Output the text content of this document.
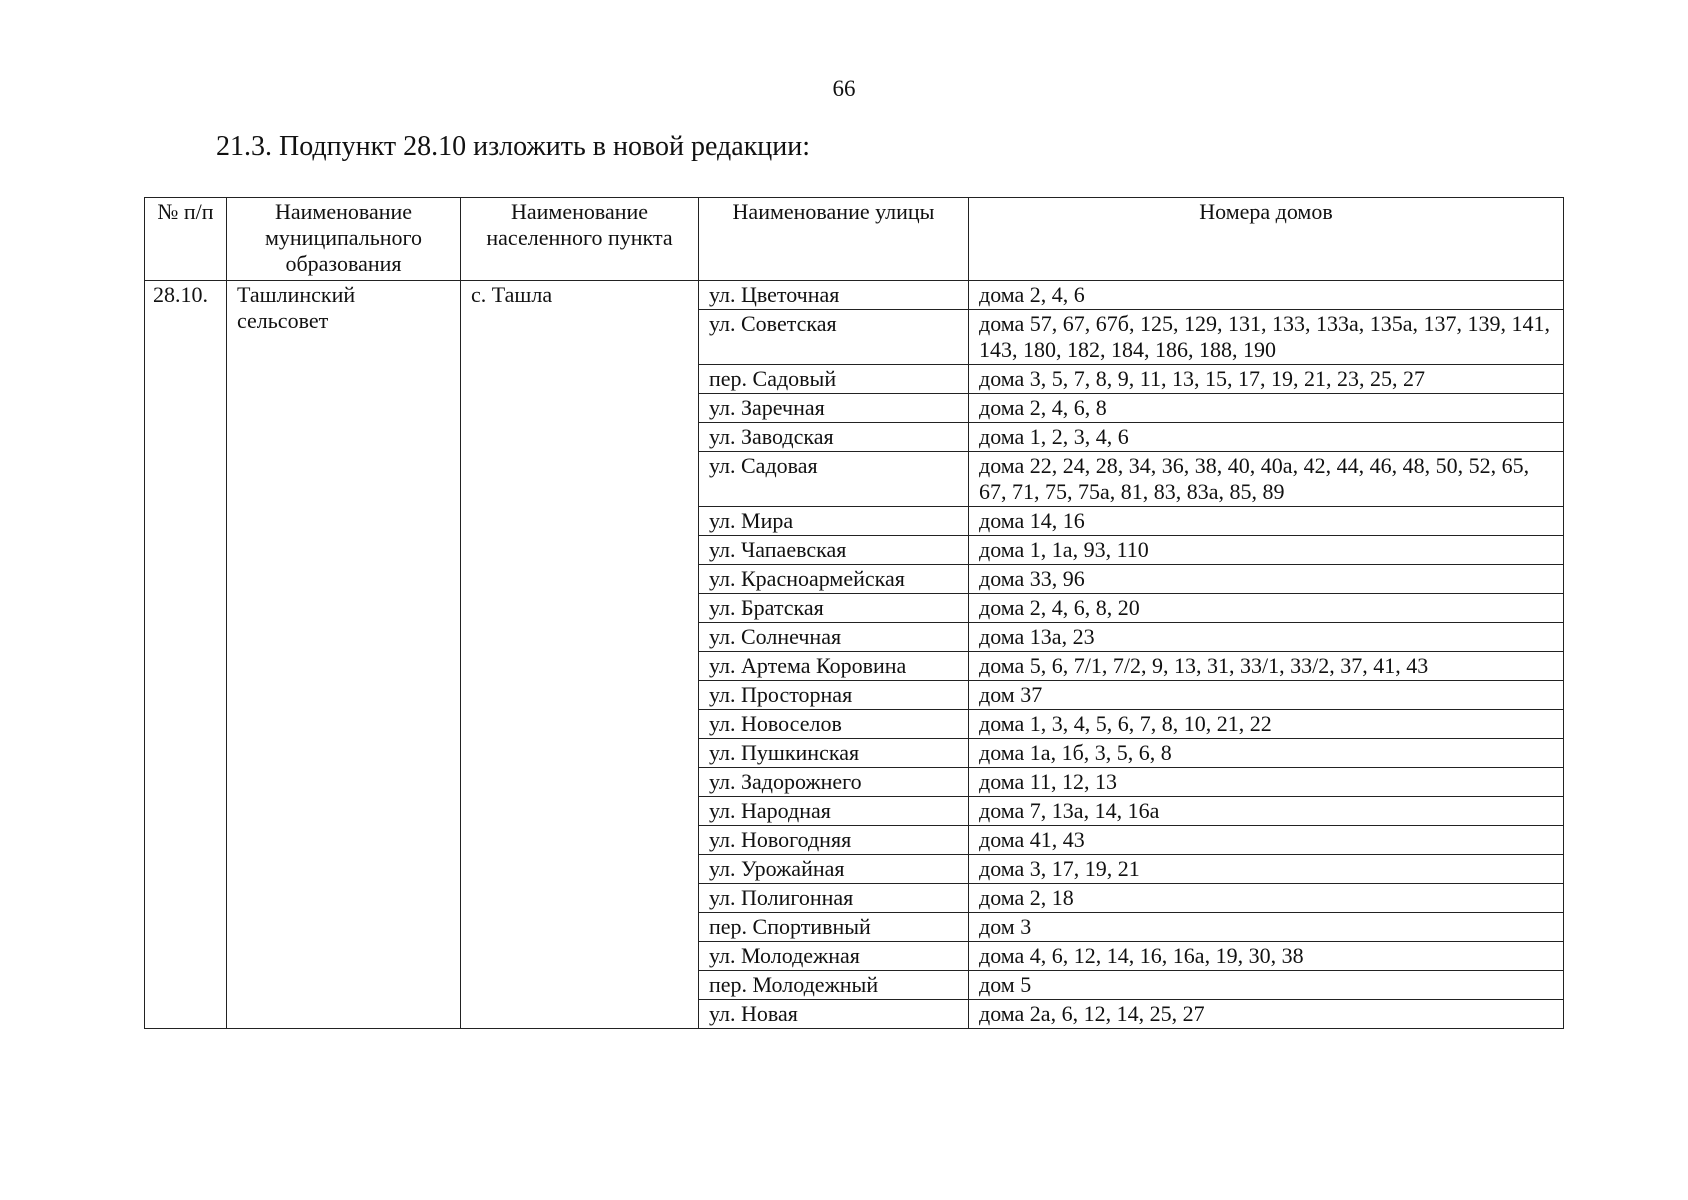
66
21.3. Подпункт 28.10 изложить в новой редакции:
№ п/п	Наименование муниципального образования	Наименование населенного пункта	Наименование улицы	Номера домов
28.10.	Ташлинский сельсовет	с. Ташла	ул. Цветочная	дома 2, 4, 6
			ул. Советская	дома 57, 67, 67б, 125, 129, 131, 133, 133а, 135а, 137, 139, 141, 143, 180, 182, 184, 186, 188, 190
			пер. Садовый	дома 3, 5, 7, 8, 9, 11, 13, 15, 17, 19, 21, 23, 25, 27
			ул. Заречная	дома 2, 4, 6, 8
			ул. Заводская	дома 1, 2, 3, 4, 6
			ул. Садовая	дома 22, 24, 28, 34, 36, 38, 40, 40а, 42, 44, 46, 48, 50, 52, 65, 67, 71, 75, 75а, 81, 83, 83а, 85, 89
			ул. Мира	дома 14, 16
			ул. Чапаевская	дома 1, 1а, 93, 110
			ул. Красноармейская	дома 33, 96
			ул. Братская	дома 2, 4, 6, 8, 20
			ул. Солнечная	дома 13а, 23
			ул. Артема Коровина	дома 5, 6, 7/1, 7/2, 9, 13, 31, 33/1, 33/2, 37, 41, 43
			ул. Просторная	дом 37
			ул. Новоселов	дома 1, 3, 4, 5, 6, 7, 8, 10, 21, 22
			ул. Пушкинская	дома 1а, 1б, 3, 5, 6, 8
			ул. Задорожнего	дома 11, 12, 13
			ул. Народная	дома 7, 13а, 14, 16а
			ул. Новогодняя	дома 41, 43
			ул. Урожайная	дома 3, 17, 19, 21
			ул. Полигонная	дома 2, 18
			пер. Спортивный	дом 3
			ул. Молодежная	дома 4, 6, 12, 14, 16, 16а, 19, 30, 38
			пер. Молодежный	дом 5
			ул. Новая	дома 2а, 6, 12, 14, 25, 27
